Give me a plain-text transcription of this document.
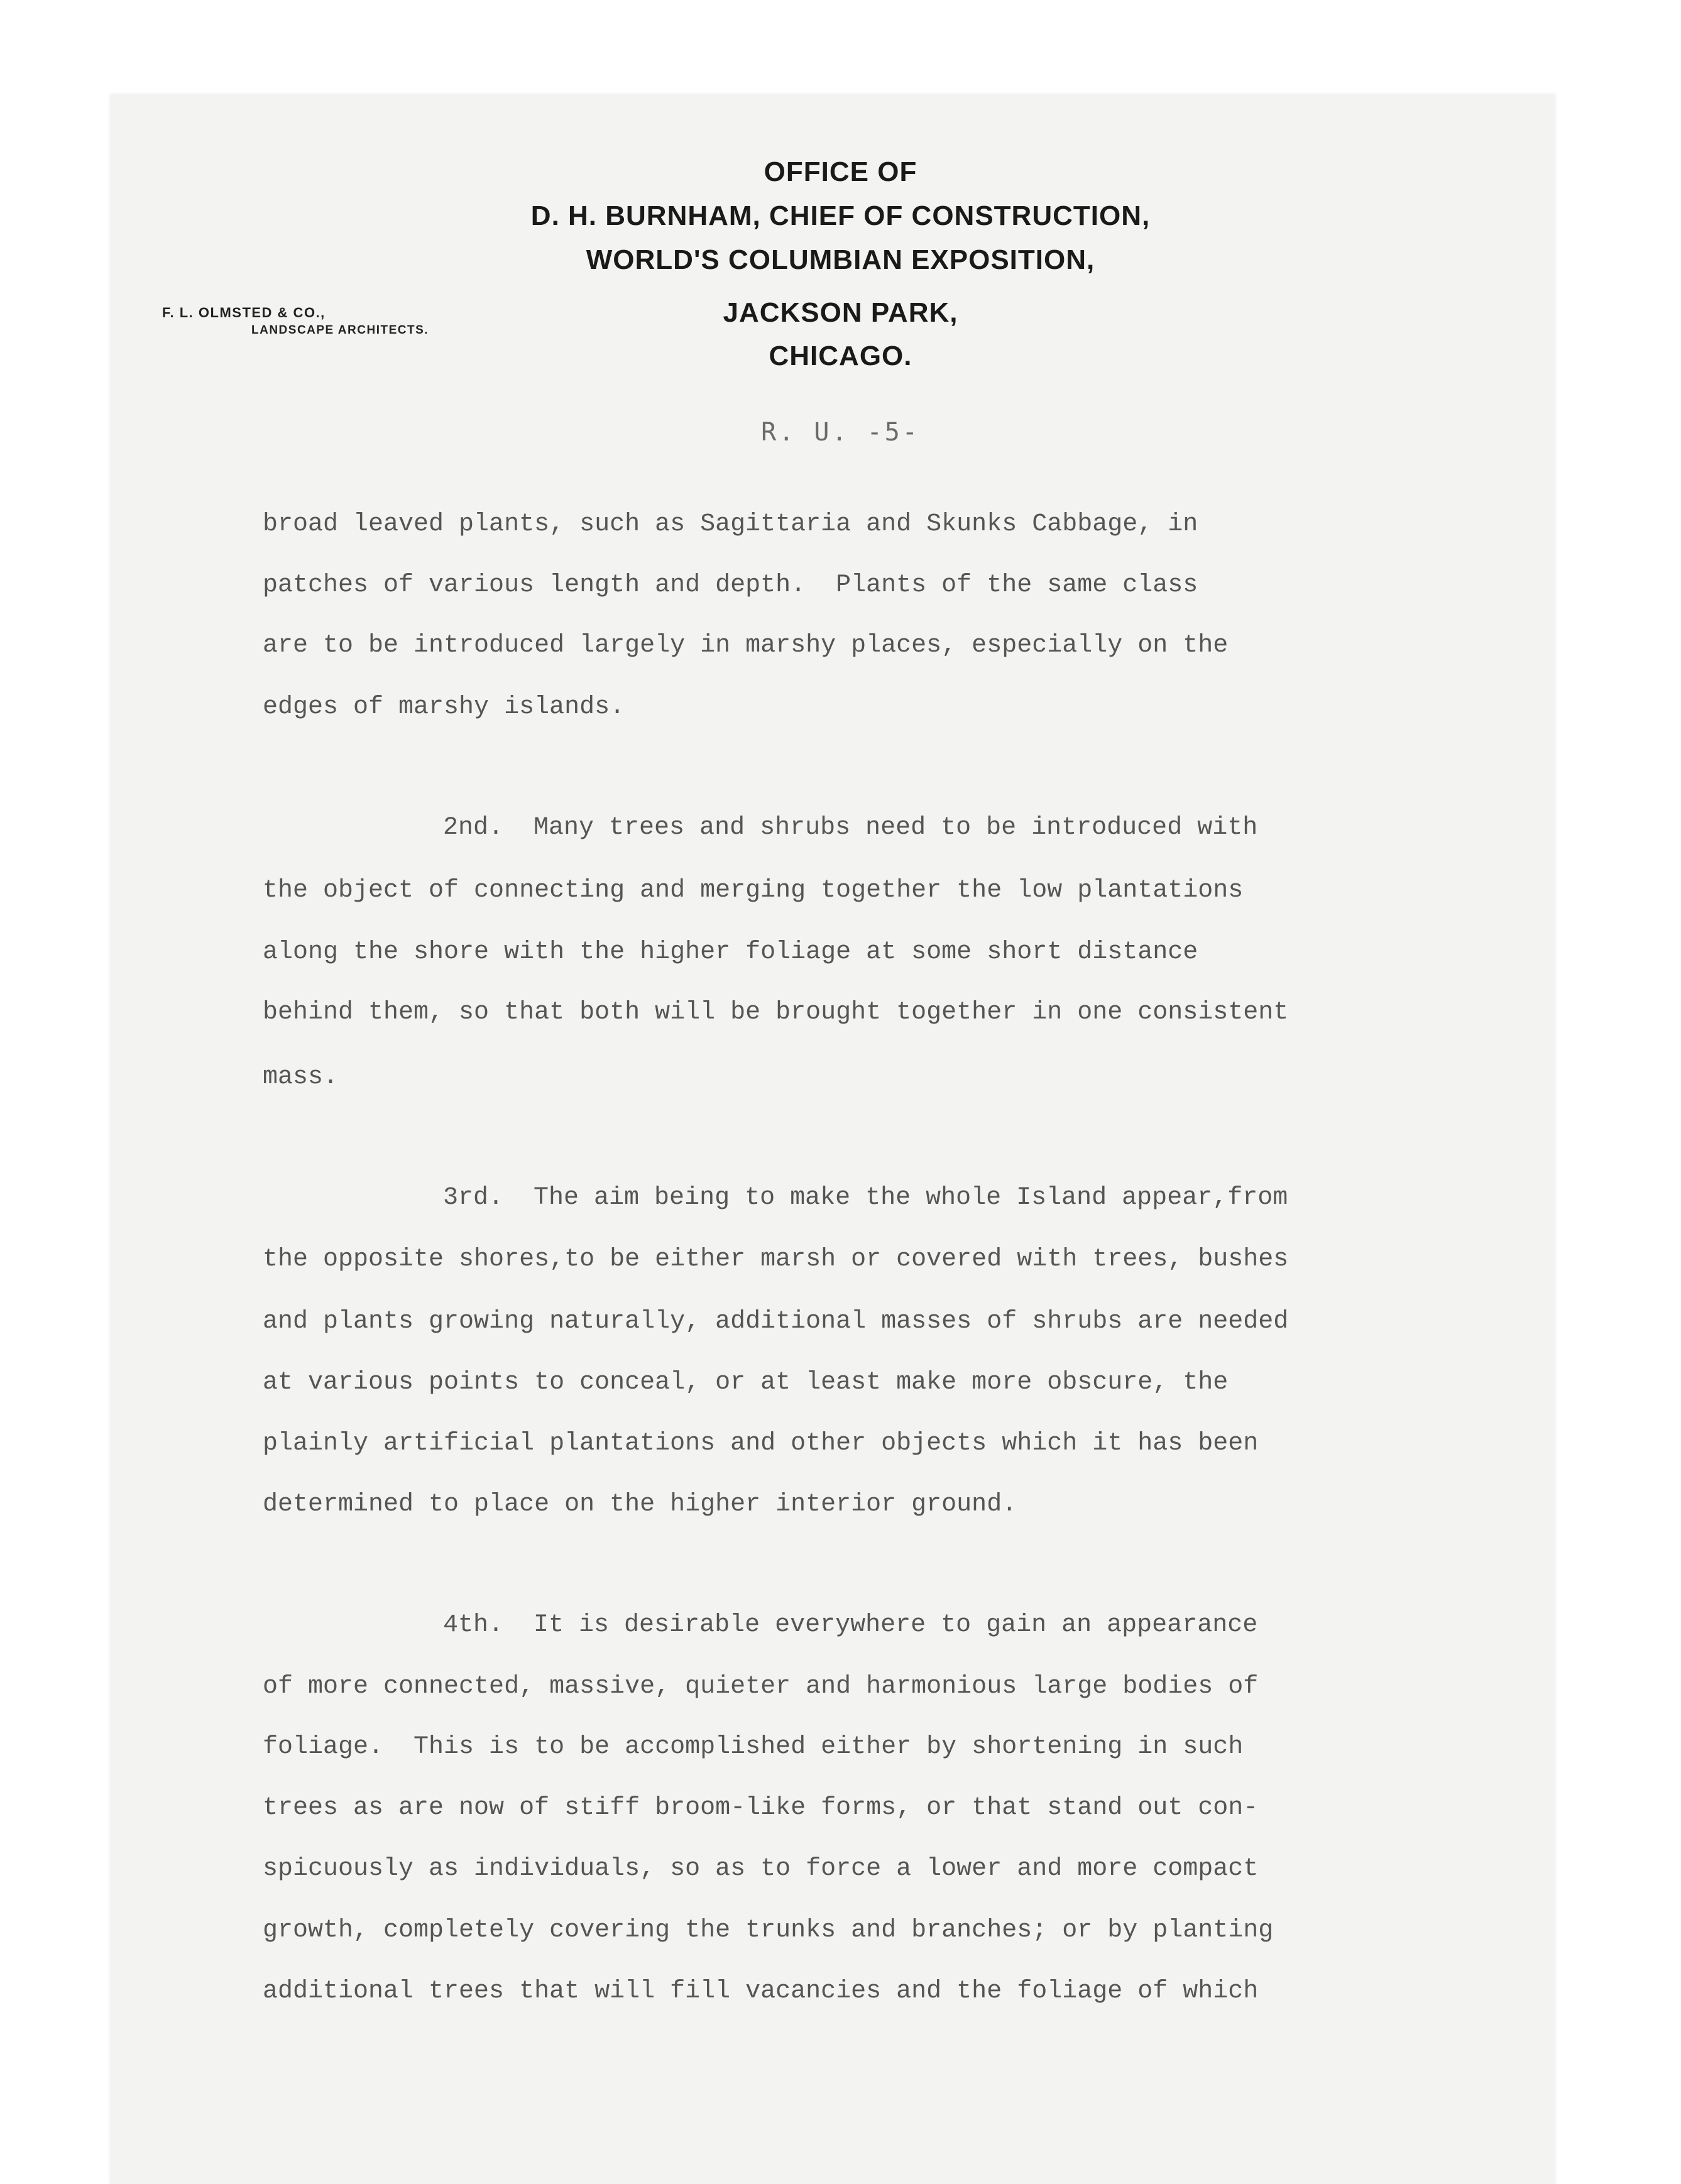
OFFICE OF
D. H. BURNHAM, CHIEF OF CONSTRUCTION,
WORLD'S COLUMBIAN EXPOSITION,
JACKSON PARK,
CHICAGO.
F. L. OLMSTED & CO.,
LANDSCAPE ARCHITECTS.
R. U. -5-
broad leaved plants, such as Sagittaria and Skunks Cabbage, in
patches of various length and depth.  Plants of the same class
are to be introduced largely in marshy places, especially on the
edges of marshy islands.
2nd.  Many trees and shrubs need to be introduced with
the object of connecting and merging together the low plantations
along the shore with the higher foliage at some short distance
behind them, so that both will be brought together in one consistent
mass.
3rd.  The aim being to make the whole Island appear,from
the opposite shores,to be either marsh or covered with trees, bushes
and plants growing naturally, additional masses of shrubs are needed
at various points to conceal, or at least make more obscure, the
plainly artificial plantations and other objects which it has been
determined to place on the higher interior ground.
4th.  It is desirable everywhere to gain an appearance
of more connected, massive, quieter and harmonious large bodies of
foliage.  This is to be accomplished either by shortening in such
trees as are now of stiff broom-like forms, or that stand out con-
spicuously as individuals, so as to force a lower and more compact
growth, completely covering the trunks and branches; or by planting
additional trees that will fill vacancies and the foliage of which
